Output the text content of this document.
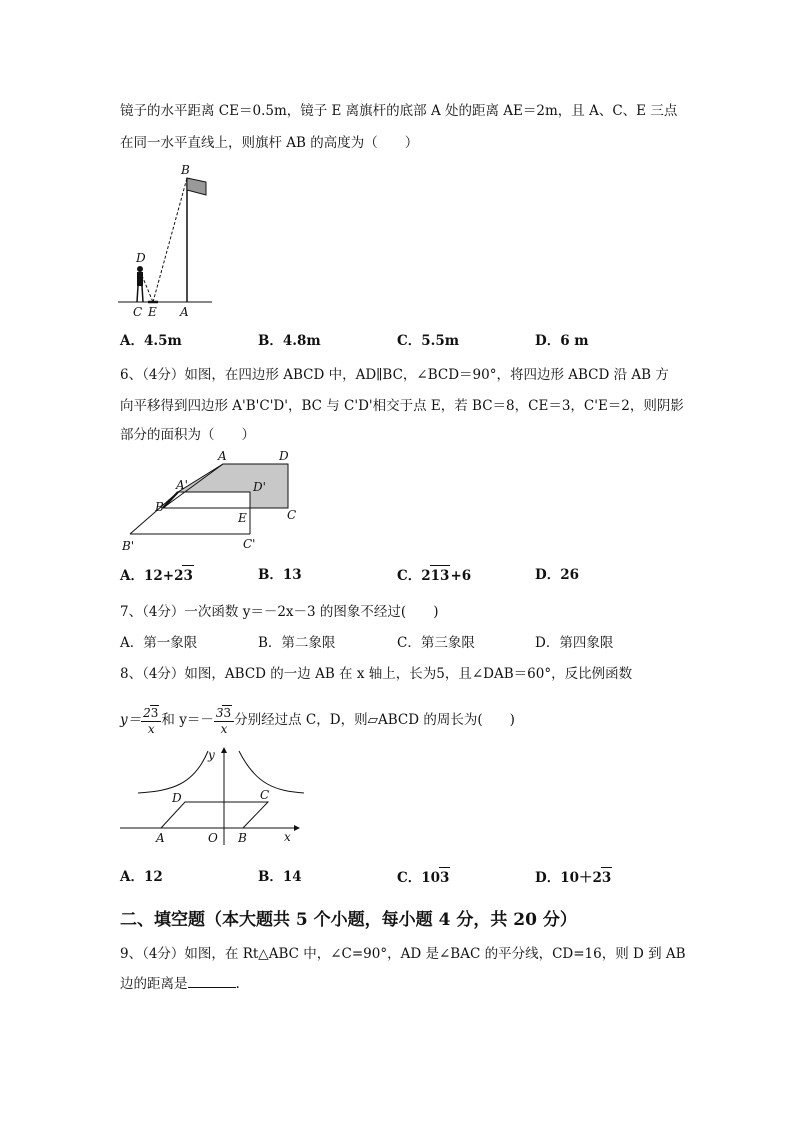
镜子的水平距离 CE＝0.5m，镜子 E 离旗杆的底部 A 处的距离 AE＝2m，且 A、C、E 三点
在同一水平直线上，则旗杆 AB 的高度为（　　）
B
D
C E A
A．4.5m	B．4.8m	C．5.5m	D．6 m
6、（4分）如图，在四边形 ABCD 中，AD∥BC，∠BCD＝90°，将四边形 ABCD 沿 AB 方
向平移得到四边形 A'B'C'D'，BC 与 C'D'相交于点 E，若 BC＝8，CE＝3，C'E＝2，则阴影
部分的面积为（　　）
A	D
A'	D'
B
E	C
B'	C'
A．12+23	B．13	C．213+6	D．26
7、（4分）一次函数 y＝－2x－3 的图象不经过(　　)
A．第一象限	B．第二象限	C．第三象限	D．第四象限
8、（4分）如图，ABCD 的一边 AB 在 x 轴上，长为5，且∠DAB＝60°，反比例函数
$y= \frac{23}{x}$ 和 $y=- \frac{33}{x}$ 分别经过点 C，D，则▱ABCD 的周长为(　　)
y
x
D	C
A	O B
A．12	B．14	C．103	D．10＋23
二、填空题（本大题共 5 个小题，每小题 4 分，共 20 分）
9、（4分）如图，在 Rt△ABC 中，∠C=90°，AD 是∠BAC 的平分线，CD=16，则 D 到 AB
边的距离是	.
